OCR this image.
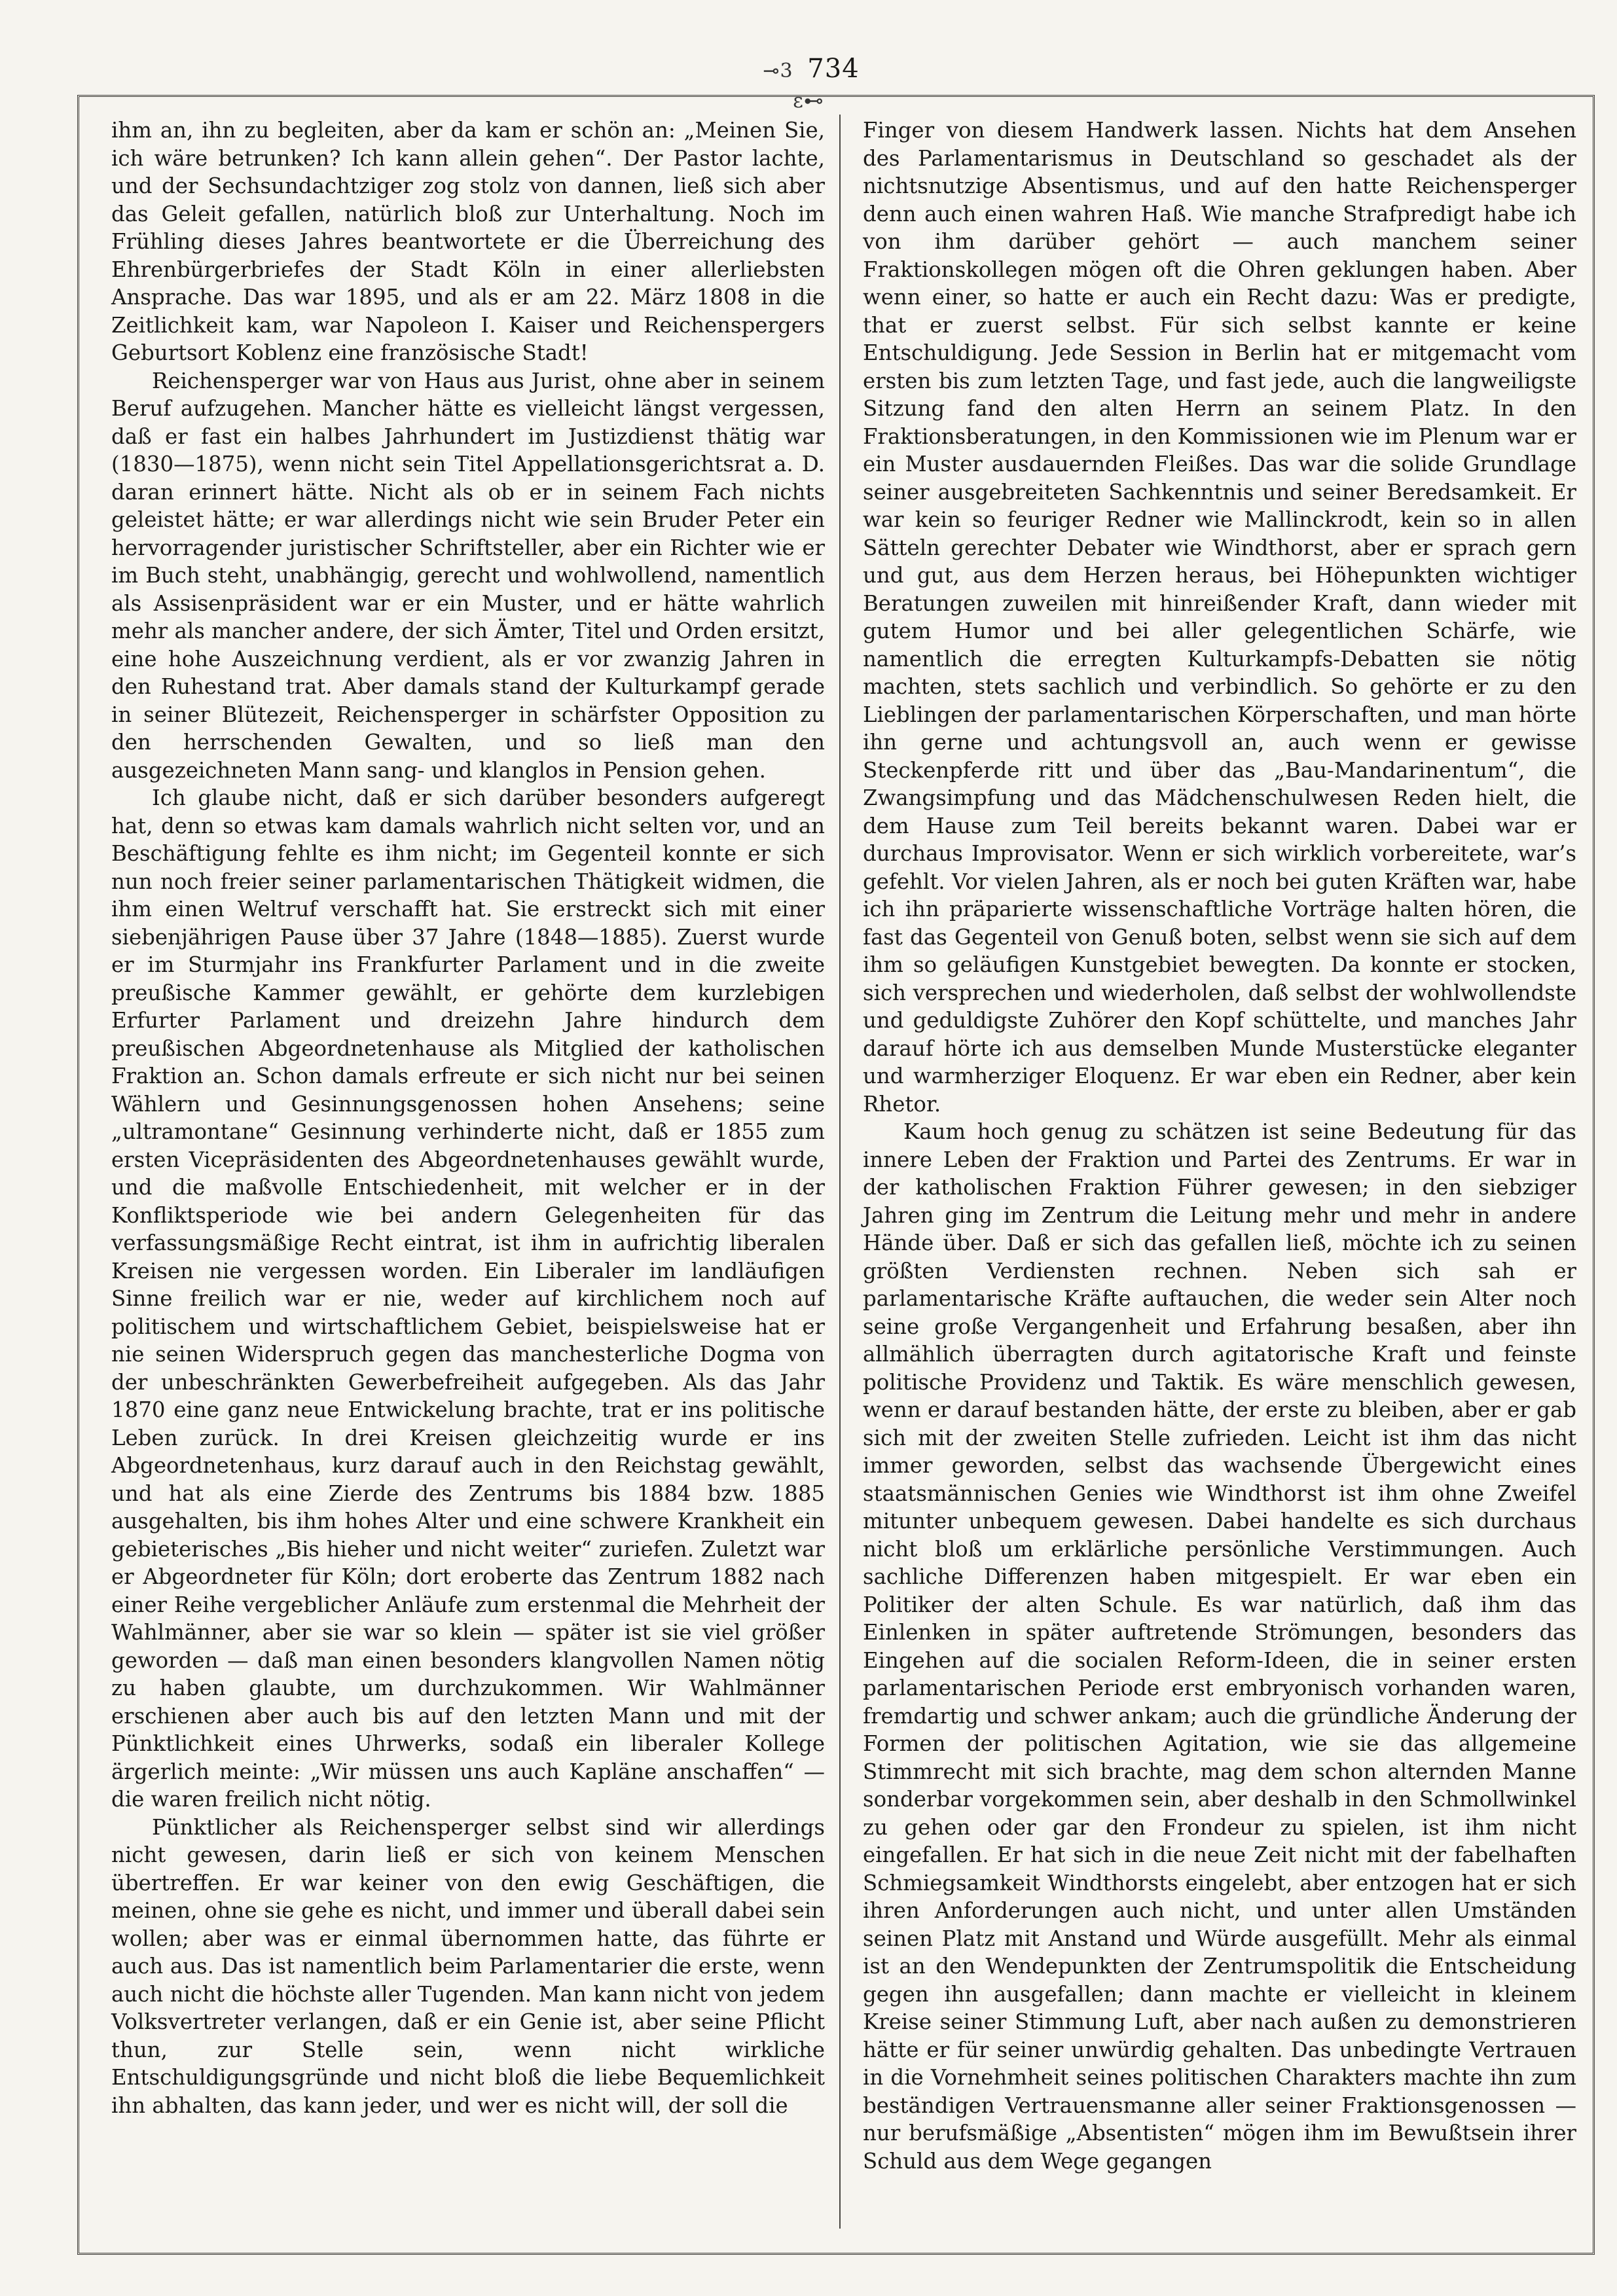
⊸3 734 ε⊷

ihm an, ihn zu begleiten, aber da kam er schön an: „Meinen Sie, ich wäre betrunken? Ich kann allein gehen“. Der Pastor lachte, und der Sechsundachtziger zog stolz von dannen, ließ sich aber das Geleit gefallen, natürlich bloß zur Unterhaltung. Noch im Frühling dieses Jahres beantwortete er die Überreichung des Ehrenbürgerbriefes der Stadt Köln in einer allerliebsten Ansprache. Das war 1895, und als er am 22. März 1808 in die Zeitlichkeit kam, war Napoleon I. Kaiser und Reichenspergers Geburtsort Koblenz eine französische Stadt!

Reichensperger war von Haus aus Jurist, ohne aber in seinem Beruf aufzugehen. Mancher hätte es vielleicht längst vergessen, daß er fast ein halbes Jahrhundert im Justizdienst thätig war (1830—1875), wenn nicht sein Titel Appellationsgerichtsrat a. D. daran erinnert hätte. Nicht als ob er in seinem Fach nichts geleistet hätte; er war allerdings nicht wie sein Bruder Peter ein hervorragender juristischer Schriftsteller, aber ein Richter wie er im Buch steht, unabhängig, gerecht und wohlwollend, namentlich als Assisenpräsident war er ein Muster, und er hätte wahrlich mehr als mancher andere, der sich Ämter, Titel und Orden ersitzt, eine hohe Auszeichnung verdient, als er vor zwanzig Jahren in den Ruhestand trat. Aber damals stand der Kulturkampf gerade in seiner Blütezeit, Reichensperger in schärfster Opposition zu den herrschenden Gewalten, und so ließ man den ausgezeichneten Mann sang- und klanglos in Pension gehen.

Ich glaube nicht, daß er sich darüber besonders aufgeregt hat, denn so etwas kam damals wahrlich nicht selten vor, und an Beschäftigung fehlte es ihm nicht; im Gegenteil konnte er sich nun noch freier seiner parlamentarischen Thätigkeit widmen, die ihm einen Weltruf verschafft hat. Sie erstreckt sich mit einer siebenjährigen Pause über 37 Jahre (1848—1885). Zuerst wurde er im Sturmjahr ins Frankfurter Parlament und in die zweite preußische Kammer gewählt, er gehörte dem kurzlebigen Erfurter Parlament und dreizehn Jahre hindurch dem preußischen Abgeordnetenhause als Mitglied der katholischen Fraktion an. Schon damals erfreute er sich nicht nur bei seinen Wählern und Gesinnungsgenossen hohen Ansehens; seine „ultramontane“ Gesinnung verhinderte nicht, daß er 1855 zum ersten Vicepräsidenten des Abgeordnetenhauses gewählt wurde, und die maßvolle Entschiedenheit, mit welcher er in der Konfliktsperiode wie bei andern Gelegenheiten für das verfassungsmäßige Recht eintrat, ist ihm in aufrichtig liberalen Kreisen nie vergessen worden. Ein Liberaler im landläufigen Sinne freilich war er nie, weder auf kirchlichem noch auf politischem und wirtschaftlichem Gebiet, beispielsweise hat er nie seinen Widerspruch gegen das manchesterliche Dogma von der unbeschränkten Gewerbefreiheit aufgegeben. Als das Jahr 1870 eine ganz neue Entwickelung brachte, trat er ins politische Leben zurück. In drei Kreisen gleichzeitig wurde er ins Abgeordnetenhaus, kurz darauf auch in den Reichstag gewählt, und hat als eine Zierde des Zentrums bis 1884 bzw. 1885 ausgehalten, bis ihm hohes Alter und eine schwere Krankheit ein gebieterisches „Bis hieher und nicht weiter“ zuriefen. Zuletzt war er Abgeordneter für Köln; dort eroberte das Zentrum 1882 nach einer Reihe vergeblicher Anläufe zum erstenmal die Mehrheit der Wahlmänner, aber sie war so klein — später ist sie viel größer geworden — daß man einen besonders klangvollen Namen nötig zu haben glaubte, um durchzukommen. Wir Wahlmänner erschienen aber auch bis auf den letzten Mann und mit der Pünktlichkeit eines Uhrwerks, sodaß ein liberaler Kollege ärgerlich meinte: „Wir müssen uns auch Kapläne anschaffen“ — die waren freilich nicht nötig.

Pünktlicher als Reichensperger selbst sind wir allerdings nicht gewesen, darin ließ er sich von keinem Menschen übertreffen. Er war keiner von den ewig Geschäftigen, die meinen, ohne sie gehe es nicht, und immer und überall dabei sein wollen; aber was er einmal übernommen hatte, das führte er auch aus. Das ist namentlich beim Parlamentarier die erste, wenn auch nicht die höchste aller Tugenden. Man kann nicht von jedem Volksvertreter verlangen, daß er ein Genie ist, aber seine Pflicht thun, zur Stelle sein, wenn nicht wirkliche Entschuldigungsgründe und nicht bloß die liebe Bequemlichkeit ihn abhalten, das kann jeder, und wer es nicht will, der soll die

Finger von diesem Handwerk lassen. Nichts hat dem Ansehen des Parlamentarismus in Deutschland so geschadet als der nichtsnutzige Absentismus, und auf den hatte Reichensperger denn auch einen wahren Haß. Wie manche Strafpredigt habe ich von ihm darüber gehört — auch manchem seiner Fraktionskollegen mögen oft die Ohren geklungen haben. Aber wenn einer, so hatte er auch ein Recht dazu: Was er predigte, that er zuerst selbst. Für sich selbst kannte er keine Entschuldigung. Jede Session in Berlin hat er mitgemacht vom ersten bis zum letzten Tage, und fast jede, auch die langweiligste Sitzung fand den alten Herrn an seinem Platz. In den Fraktionsberatungen, in den Kommissionen wie im Plenum war er ein Muster ausdauernden Fleißes. Das war die solide Grundlage seiner ausgebreiteten Sachkenntnis und seiner Beredsamkeit. Er war kein so feuriger Redner wie Mallinckrodt, kein so in allen Sätteln gerechter Debater wie Windthorst, aber er sprach gern und gut, aus dem Herzen heraus, bei Höhepunkten wichtiger Beratungen zuweilen mit hinreißender Kraft, dann wieder mit gutem Humor und bei aller gelegentlichen Schärfe, wie namentlich die erregten Kulturkampfs-Debatten sie nötig machten, stets sachlich und verbindlich. So gehörte er zu den Lieblingen der parlamentarischen Körperschaften, und man hörte ihn gerne und achtungsvoll an, auch wenn er gewisse Steckenpferde ritt und über das „Bau-Mandarinentum“, die Zwangsimpfung und das Mädchenschulwesen Reden hielt, die dem Hause zum Teil bereits bekannt waren. Dabei war er durchaus Improvisator. Wenn er sich wirklich vorbereitete, war’s gefehlt. Vor vielen Jahren, als er noch bei guten Kräften war, habe ich ihn präparierte wissenschaftliche Vorträge halten hören, die fast das Gegenteil von Genuß boten, selbst wenn sie sich auf dem ihm so geläufigen Kunstgebiet bewegten. Da konnte er stocken, sich versprechen und wiederholen, daß selbst der wohlwollendste und geduldigste Zuhörer den Kopf schüttelte, und manches Jahr darauf hörte ich aus demselben Munde Musterstücke eleganter und warmherziger Eloquenz. Er war eben ein Redner, aber kein Rhetor.

Kaum hoch genug zu schätzen ist seine Bedeutung für das innere Leben der Fraktion und Partei des Zentrums. Er war in der katholischen Fraktion Führer gewesen; in den siebziger Jahren ging im Zentrum die Leitung mehr und mehr in andere Hände über. Daß er sich das gefallen ließ, möchte ich zu seinen größten Verdiensten rechnen. Neben sich sah er parlamentarische Kräfte auftauchen, die weder sein Alter noch seine große Vergangenheit und Erfahrung besaßen, aber ihn allmählich überragten durch agitatorische Kraft und feinste politische Providenz und Taktik. Es wäre menschlich gewesen, wenn er darauf bestanden hätte, der erste zu bleiben, aber er gab sich mit der zweiten Stelle zufrieden. Leicht ist ihm das nicht immer geworden, selbst das wachsende Übergewicht eines staatsmännischen Genies wie Windthorst ist ihm ohne Zweifel mitunter unbequem gewesen. Dabei handelte es sich durchaus nicht bloß um erklärliche persönliche Verstimmungen. Auch sachliche Differenzen haben mitgespielt. Er war eben ein Politiker der alten Schule. Es war natürlich, daß ihm das Einlenken in später auftretende Strömungen, besonders das Eingehen auf die socialen Reform-Ideen, die in seiner ersten parlamentarischen Periode erst embryonisch vorhanden waren, fremdartig und schwer ankam; auch die gründliche Änderung der Formen der politischen Agitation, wie sie das allgemeine Stimmrecht mit sich brachte, mag dem schon alternden Manne sonderbar vorgekommen sein, aber deshalb in den Schmollwinkel zu gehen oder gar den Frondeur zu spielen, ist ihm nicht eingefallen. Er hat sich in die neue Zeit nicht mit der fabelhaften Schmiegsamkeit Windthorsts eingelebt, aber entzogen hat er sich ihren Anforderungen auch nicht, und unter allen Umständen seinen Platz mit Anstand und Würde ausgefüllt. Mehr als einmal ist an den Wendepunkten der Zentrumspolitik die Entscheidung gegen ihn ausgefallen; dann machte er vielleicht in kleinem Kreise seiner Stimmung Luft, aber nach außen zu demonstrieren hätte er für seiner unwürdig gehalten. Das unbedingte Vertrauen in die Vornehmheit seines politischen Charakters machte ihn zum beständigen Vertrauensmanne aller seiner Fraktionsgenossen — nur berufsmäßige „Absentisten“ mögen ihm im Bewußtsein ihrer Schuld aus dem Wege gegangen
